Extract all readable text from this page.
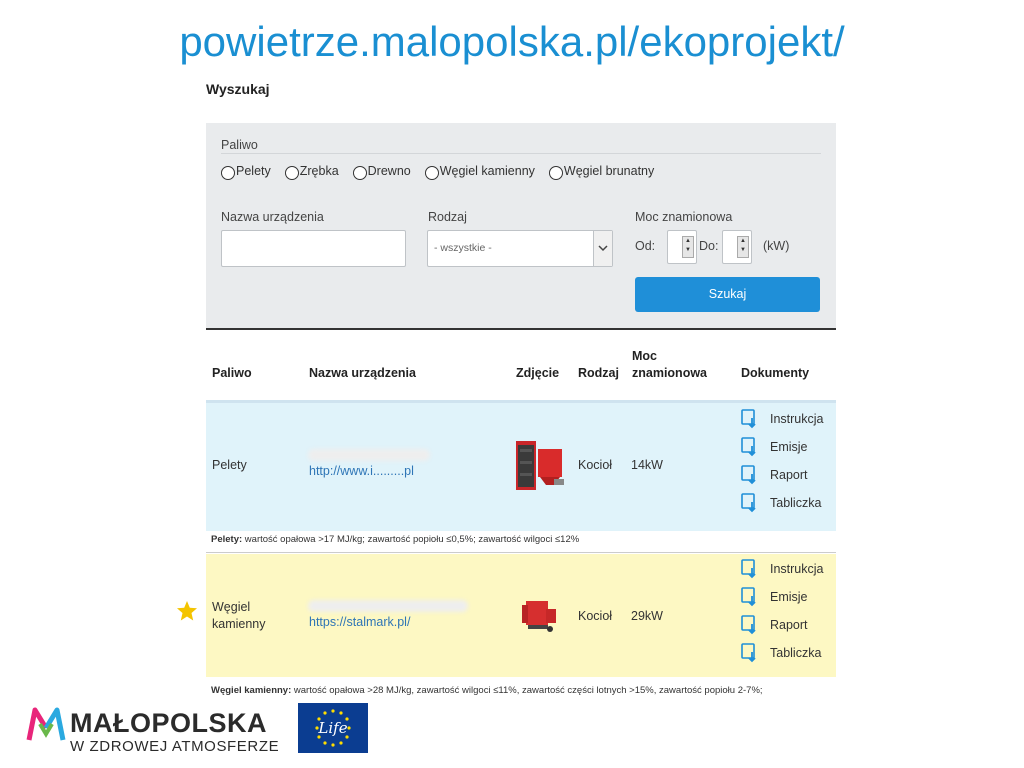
powietrze.malopolska.pl/ekoprojekt/
Wyszukaj
Paliwo
Pelety Zrębka Drewno Węgiel kamienny Węgiel brunatny
Nazwa urządzenia	Rodzaj
- wszystkie -
Moc znamionowa
Od:	▲
▼ Do:	▲
▼ (kW)
Szukaj
Paliwo	Nazwa urządzenia	Zdjęcie Rodzaj
Moc
znamionowa	Dokumenty
Pelety	http://www.i.........pl	Kocioł 14kW
Instrukcja
Emisje
Raport
Tabliczka
Pelety: wartość opałowa >17 MJ/kg; zawartość popiołu ≤0,5%; zawartość wilgoci ≤12%
Węgiel
kamienny	https://stalmark.pl/	Kocioł 29kW
Instrukcja
Emisje
Raport
Tabliczka
Węgiel kamienny: wartość opałowa >28 MJ/kg, zawartość wilgoci ≤11%, zawartość części lotnych >15%, zawartość popiołu 2-7%;
MAŁOPOLSKA
W ZDROWEJ ATMOSFERZE
Life
